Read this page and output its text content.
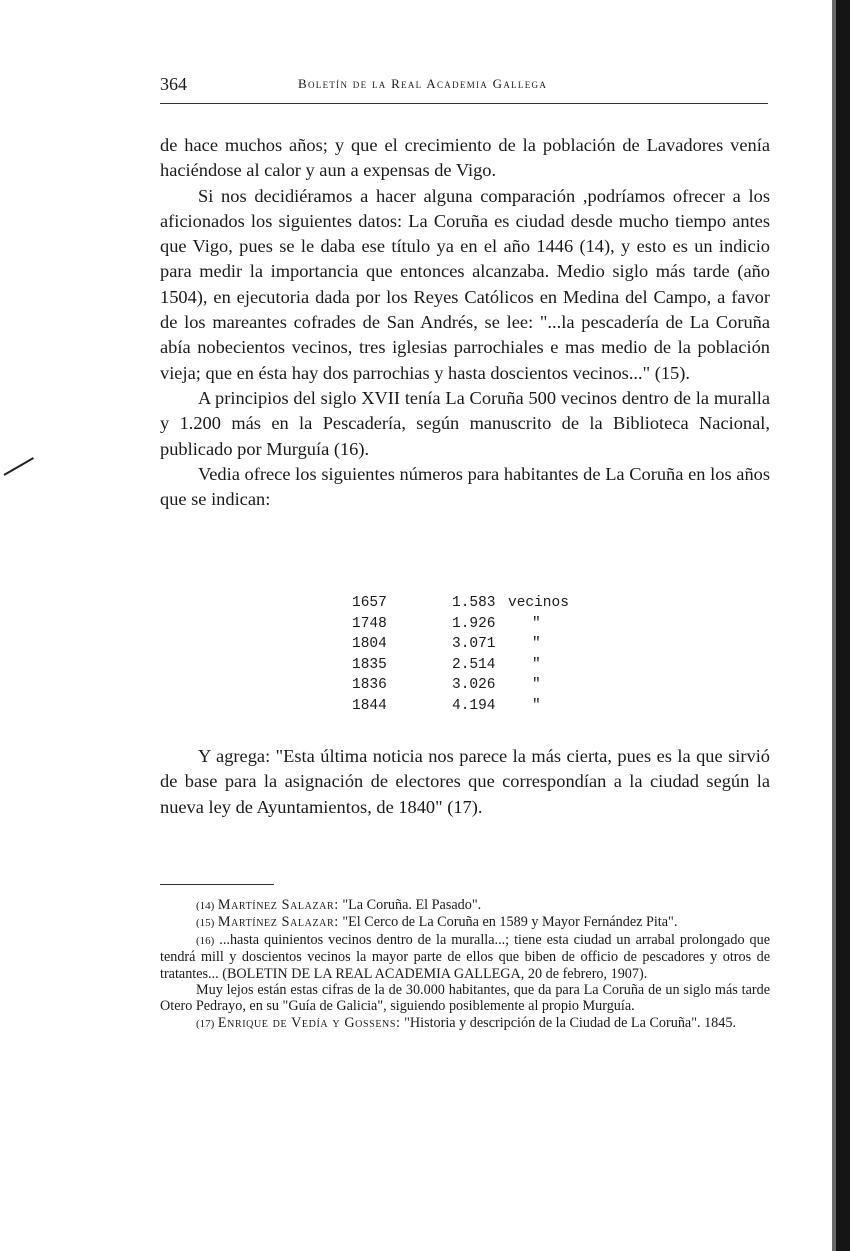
364	Boletín de la Real Academia Gallega

de hace muchos años; y que el crecimiento de la población de Lavadores venía haciéndose al calor y aun a expensas de Vigo.

Si nos decidiéramos a hacer alguna comparación ,podríamos ofrecer a los aficionados los siguientes datos: La Coruña es ciudad desde mucho tiempo antes que Vigo, pues se le daba ese título ya en el año 1446 (14), y esto es un indicio para medir la importancia que entonces alcanzaba. Medio siglo más tarde (año 1504), en ejecutoria dada por los Reyes Católicos en Medina del Campo, a favor de los mareantes cofrades de San Andrés, se lee: "...la pescadería de La Coruña abía nobecientos vecinos, tres iglesias parrochiales e mas medio de la población vieja; que en ésta hay dos parrochias y hasta doscientos vecinos..." (15).

A principios del siglo XVII tenía La Coruña 500 vecinos dentro de la muralla y 1.200 más en la Pescadería, según manuscrito de la Biblioteca Nacional, publicado por Murguía (16).

Vedia ofrece los siguientes números para habitantes de La Coruña en los años que se indican:

1657	1.583	vecinos
1748	1.926	"
1804	3.071	"
1835	2.514	"
1836	3.026	"
1844	4.194	"

Y agrega: "Esta última noticia nos parece la más cierta, pues es la que sirvió de base para la asignación de electores que correspondían a la ciudad según la nueva ley de Ayuntamientos, de 1840" (17).

(14) Martínez Salazar: "La Coruña. El Pasado".

(15) Martínez Salazar: "El Cerco de La Coruña en 1589 y Mayor Fernández Pita".

(16) ...hasta quinientos vecinos dentro de la muralla...; tiene esta ciudad un arrabal prolongado que tendrá mill y doscientos vecinos la mayor parte de ellos que biben de officio de pescadores y otros de tratantes... (BOLETIN DE LA REAL ACADEMIA GALLEGA, 20 de febrero, 1907).

Muy lejos están estas cifras de la de 30.000 habitantes, que da para La Coruña de un siglo más tarde Otero Pedrayo, en su "Guía de Galicia", siguiendo posiblemente al propio Murguía.

(17) Enrique de Vedía y Gossens: "Historia y descripción de la Ciudad de La Coruña". 1845.
